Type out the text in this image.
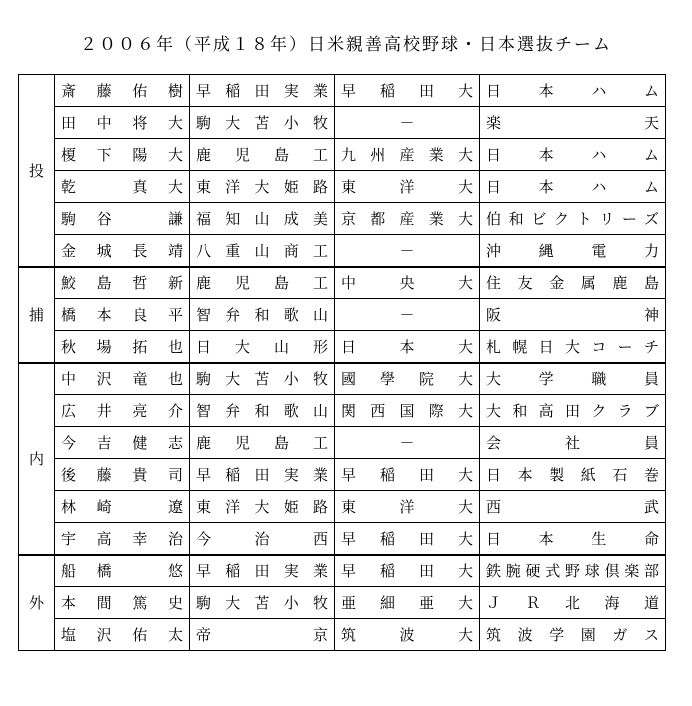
２００６年（平成１８年）日米親善高校野球・日本選抜チーム
投	斎藤佑樹	早稲田実業	早稲田大	日本ハム
	田中将大	駒大苫小牧	－	楽天
	榎下陽大	鹿児島工	九州産業大	日本ハム
	乾　真大	東洋大姫路	東洋大	日本ハム
	駒谷　謙	福知山成美	京都産業大	伯和ビクトリーズ
	金城長靖	八重山商工	－	沖縄電力
捕	鮫島哲新	鹿児島工	中央大	住友金属鹿島
	橋本良平	智弁和歌山	－	阪神
	秋場拓也	日大山形	日本大	札幌日大コーチ
内	中沢竜也	駒大苫小牧	國學院大	大学職員
	広井亮介	智弁和歌山	関西国際大	大和高田クラブ
	今吉健志	鹿児島工	－	会社員
	後藤貴司	早稲田実業	早稲田大	日本製紙石巻
	林崎　遼	東洋大姫路	東洋大	西武
	宇高幸治	今治西	早稲田大	日本生命
外	船橋　悠	早稲田実業	早稲田大	鉄腕硬式野球倶楽部
	本間篤史	駒大苫小牧	亜細亜大	ＪＲ北海道
	塩沢佑太	帝京	筑波大	筑波学園ガス
